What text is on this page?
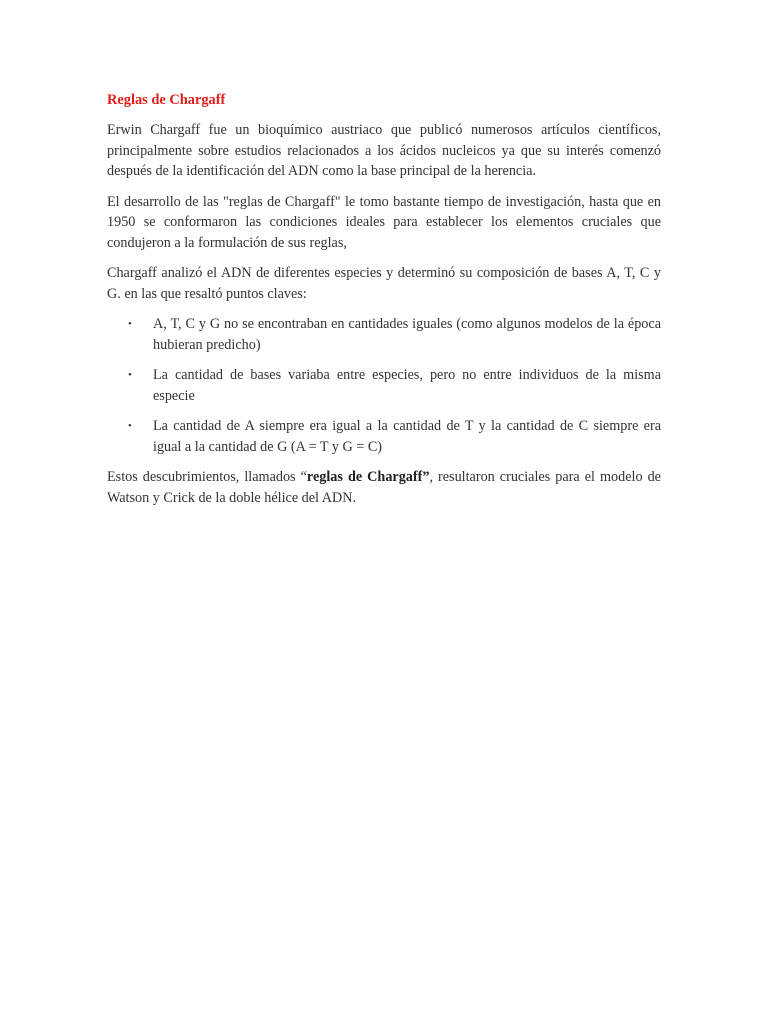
Reglas de Chargaff

Erwin Chargaff fue un bioquímico austriaco que publicó numerosos artículos científicos, principalmente sobre estudios relacionados a los ácidos nucleicos ya que su interés comenzó después de la identificación del ADN como la base principal de la herencia.

El desarrollo de las "reglas de Chargaff" le tomo bastante tiempo de investigación, hasta que en 1950 se conformaron las condiciones ideales para establecer los elementos cruciales que condujeron a la formulación de sus reglas,

Chargaff analizó el ADN de diferentes especies y determinó su composición de bases A, T, C y G. en las que resaltó puntos claves:

• A, T, C y G no se encontraban en cantidades iguales (como algunos modelos de la época hubieran predicho)
• La cantidad de bases variaba entre especies, pero no entre individuos de la misma especie
• La cantidad de A siempre era igual a la cantidad de T y la cantidad de C siempre era igual a la cantidad de G (A = T y G = C)

Estos descubrimientos, llamados “reglas de Chargaff”, resultaron cruciales para el modelo de Watson y Crick de la doble hélice del ADN.
